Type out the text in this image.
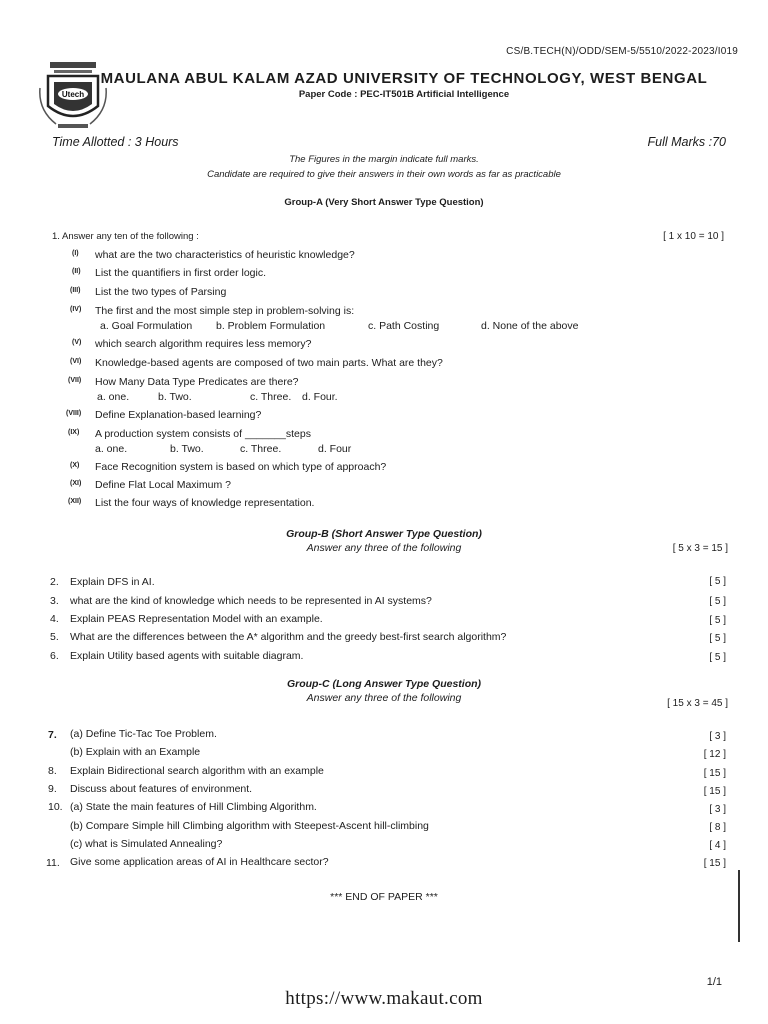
CS/B.TECH(N)/ODD/SEM-5/5510/2022-2023/I019
Utech
MAULANA ABUL KALAM AZAD UNIVERSITY OF TECHNOLOGY, WEST BENGAL
Paper Code : PEC-IT501B Artificial Intelligence
Time Allotted : 3 Hours	Full Marks :70
The Figures in the margin indicate full marks.
Candidate are required to give their answers in their own words as far as practicable
Group-A (Very Short Answer Type Question)
1. Answer any ten of the following :	[ 1 x 10 = 10 ]
(I) what are the two characteristics of heuristic knowledge?
(II) List the quantifiers in first order logic.
(III) List the two types of Parsing
(IV) The first and the most simple step in problem-solving is:
a. Goal Formulation b. Problem Formulation	c. Path Costing	d. None of the above
(V) which search algorithm requires less memory?
(VI) Knowledge-based agents are composed of two main parts. What are they?
(VII) How Many Data Type Predicates are there?
a. one.	b. Two.	c. Three. d. Four.
(VIII) Define Explanation-based learning?
(IX) A production system consists of _______steps
a. one.	b. Two.	c. Three.	d. Four
(X) Face Recognition system is based on which type of approach?
(XI) Define Flat Local Maximum ?
(XII) List the four ways of knowledge representation.
Group-B (Short Answer Type Question)
Answer any three of the following	[ 5 x 3 = 15 ]
2. Explain DFS in AI.	[ 5 ]
3. what are the kind of knowledge which needs to be represented in AI systems?	[ 5 ]
4. Explain PEAS Representation Model with an example.	[ 5 ]
5. What are the differences between the A* algorithm and the greedy best-first search algorithm?	[ 5 ]
6. Explain Utility based agents with suitable diagram.	[ 5 ]
Group-C (Long Answer Type Question)
Answer any three of the following	[ 15 x 3 = 45 ]
7. (a) Define Tic-Tac Toe Problem.	[ 3 ]
(b) Explain with an Example	[ 12 ]
8. Explain Bidirectional search algorithm with an example	[ 15 ]
9. Discuss about features of environment.	[ 15 ]
10. (a) State the main features of Hill Climbing Algorithm.	[ 3 ]
(b) Compare Simple hill Climbing algorithm with Steepest-Ascent hill-climbing	[ 8 ]
(c) what is Simulated Annealing?	[ 4 ]
11. Give some application areas of AI in Healthcare sector?	[ 15 ]
*** END OF PAPER ***
1/1
https://www.makaut.com
